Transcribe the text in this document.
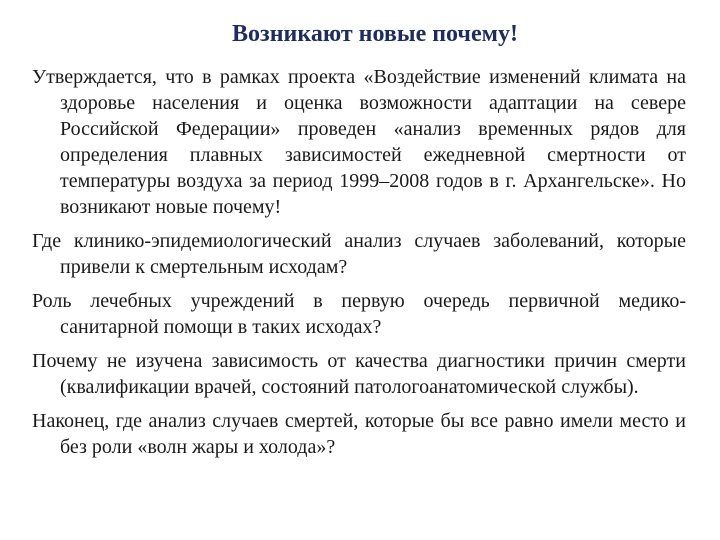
Возникают новые почему!

Утверждается, что в рамках проекта «Воздействие изменений климата на здоровье населения и оценка возможности адаптации на севере Российской Федерации» проведен «анализ временных рядов для определения плавных зависимостей ежедневной смертности от температуры воздуха за период 1999–2008 годов в г. Архангельске». Но возникают новые почему!

Где клинико-эпидемиологический анализ случаев заболеваний, которые привели к смертельным исходам?

Роль лечебных учреждений в первую очередь первичной медико-санитарной помощи в таких исходах?

Почему не изучена зависимость от качества диагностики причин смерти (квалификации врачей, состояний патологоанатомической службы).

Наконец, где анализ случаев смертей, которые бы все равно имели место и без роли «волн жары и холода»?
